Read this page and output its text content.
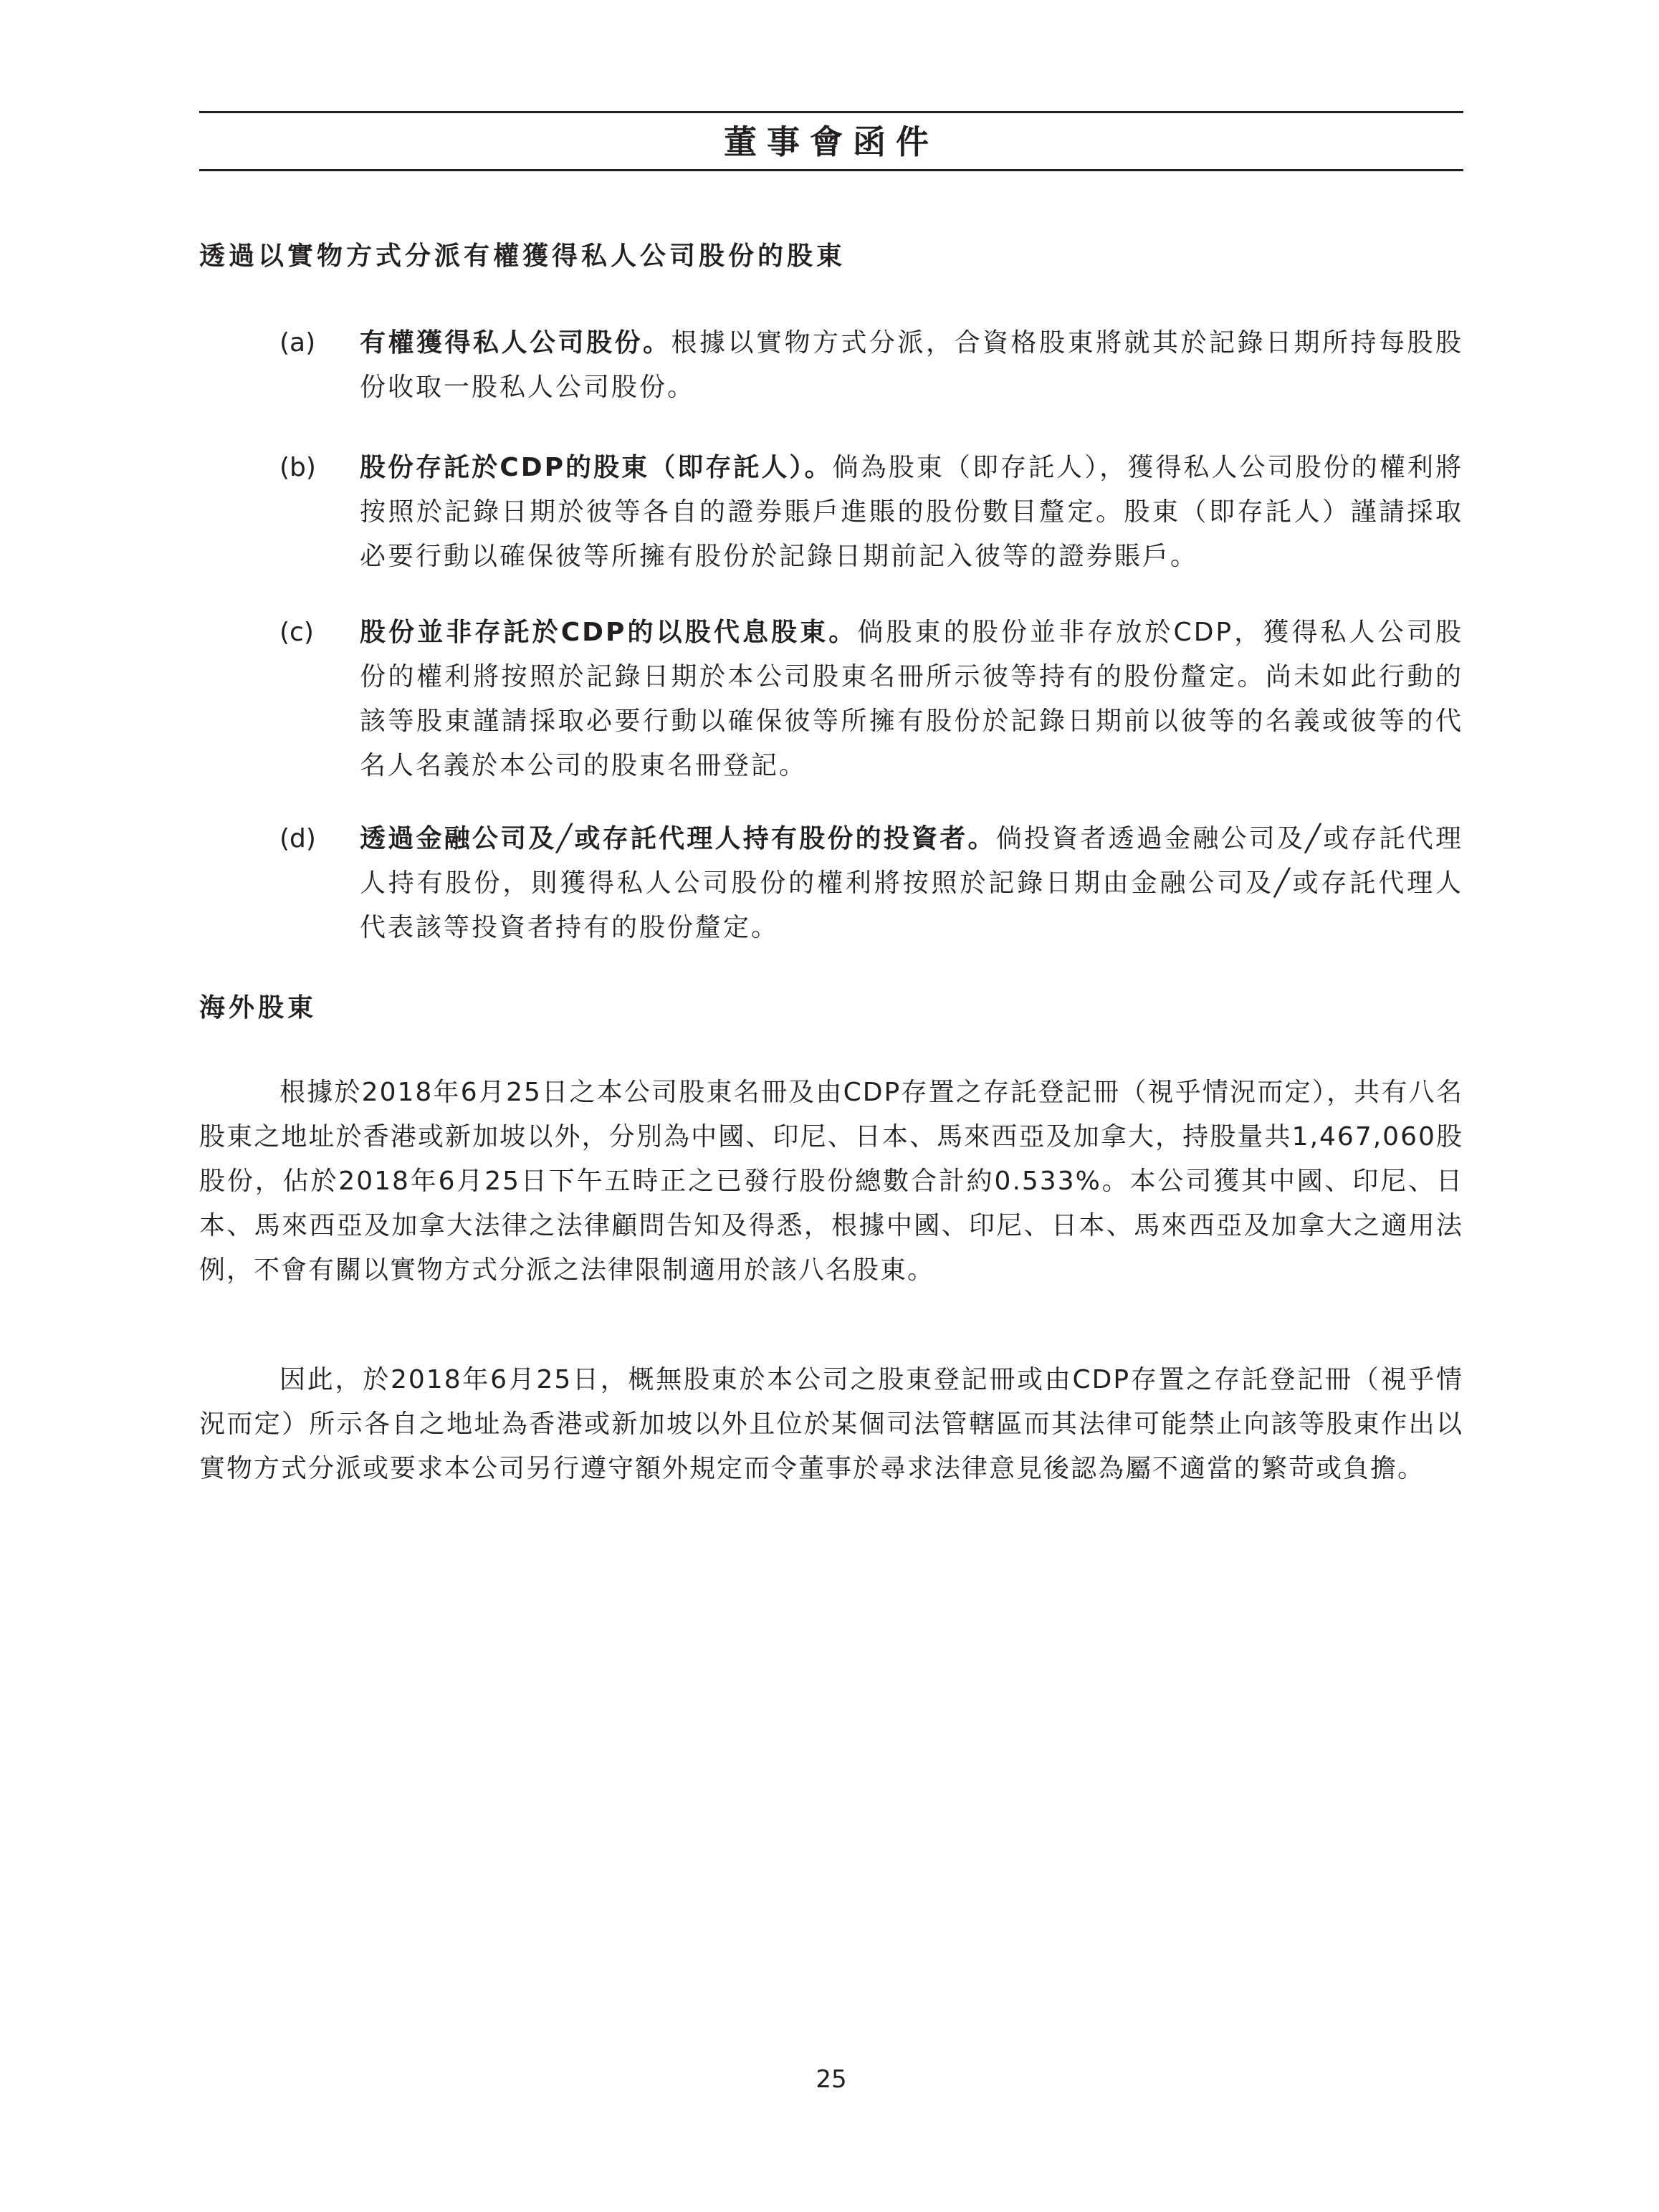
董事會函件
透過以實物方式分派有權獲得私人公司股份的股東
(a) 有權獲得私人公司股份。根據以實物方式分派，合資格股東將就其於記錄日期所持每股股份收取一股私人公司股份。
(b) 股份存託於CDP的股東（即存託人）。倘為股東（即存託人），獲得私人公司股份的權利將按照於記錄日期於彼等各自的證券賬戶進賬的股份數目釐定。股東（即存託人）謹請採取必要行動以確保彼等所擁有股份於記錄日期前記入彼等的證券賬戶。
(c) 股份並非存託於CDP的以股代息股東。倘股東的股份並非存放於CDP，獲得私人公司股份的權利將按照於記錄日期於本公司股東名冊所示彼等持有的股份釐定。尚未如此行動的該等股東謹請採取必要行動以確保彼等所擁有股份於記錄日期前以彼等的名義或彼等的代名人名義於本公司的股東名冊登記。
(d) 透過金融公司及╱或存託代理人持有股份的投資者。倘投資者透過金融公司及╱或存託代理人持有股份，則獲得私人公司股份的權利將按照於記錄日期由金融公司及╱或存託代理人代表該等投資者持有的股份釐定。
海外股東
根據於2018年6月25日之本公司股東名冊及由CDP存置之存託登記冊（視乎情況而定），共有八名股東之地址於香港或新加坡以外，分別為中國、印尼、日本、馬來西亞及加拿大，持股量共1,467,060股股份，佔於2018年6月25日下午五時正之已發行股份總數合計約0.533%。本公司獲其中國、印尼、日本、馬來西亞及加拿大法律之法律顧問告知及得悉，根據中國、印尼、日本、馬來西亞及加拿大之適用法例，不會有關以實物方式分派之法律限制適用於該八名股東。
因此，於2018年6月25日，概無股東於本公司之股東登記冊或由CDP存置之存託登記冊（視乎情況而定）所示各自之地址為香港或新加坡以外且位於某個司法管轄區而其法律可能禁止向該等股東作出以實物方式分派或要求本公司另行遵守額外規定而令董事於尋求法律意見後認為屬不適當的繁苛或負擔。
25
